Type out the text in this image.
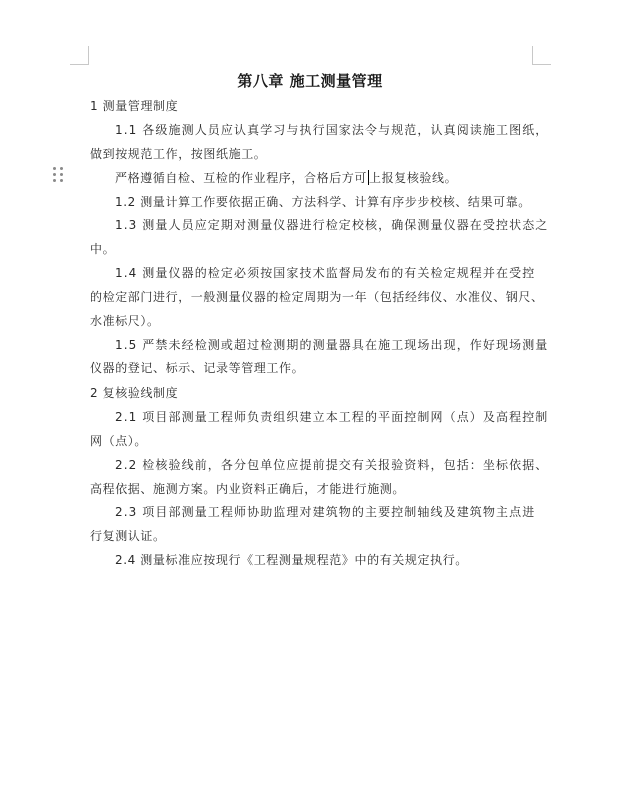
第八章 施工测量管理
1 测量管理制度
1.1 各级施测人员应认真学习与执行国家法令与规范，认真阅读施工图纸，
做到按规范工作，按图纸施工。
严格遵循自检、互检的作业程序，合格后方可 上报复核验线。
1.2 测量计算工作要依据正确、方法科学、计算有序步步校核、结果可靠。
1.3 测量人员应定期对测量仪器进行检定校核，确保测量仪器在受控状态之
中。
1.4 测量仪器的检定必须按国家技术监督局发布的有关检定规程并在受控
的检定部门进行，一般测量仪器的检定周期为一年（包括经纬仪、水准仪、钢尺、
水准标尺）。
1.5 严禁未经检测或超过检测期的测量器具在施工现场出现，作好现场测量
仪器的登记、标示、记录等管理工作。
2 复核验线制度
2.1 项目部测量工程师负责组织建立本工程的平面控制网（点）及高程控制
网（点）。
2.2 检核验线前，各分包单位应提前提交有关报验资料，包括：坐标依据、
高程依据、施测方案。内业资料正确后，才能进行施测。
2.3 项目部测量工程师协助监理对建筑物的主要控制轴线及建筑物主点进
行复测认证。
2.4 测量标准应按现行《工程测量规程范》中的有关规定执行。
